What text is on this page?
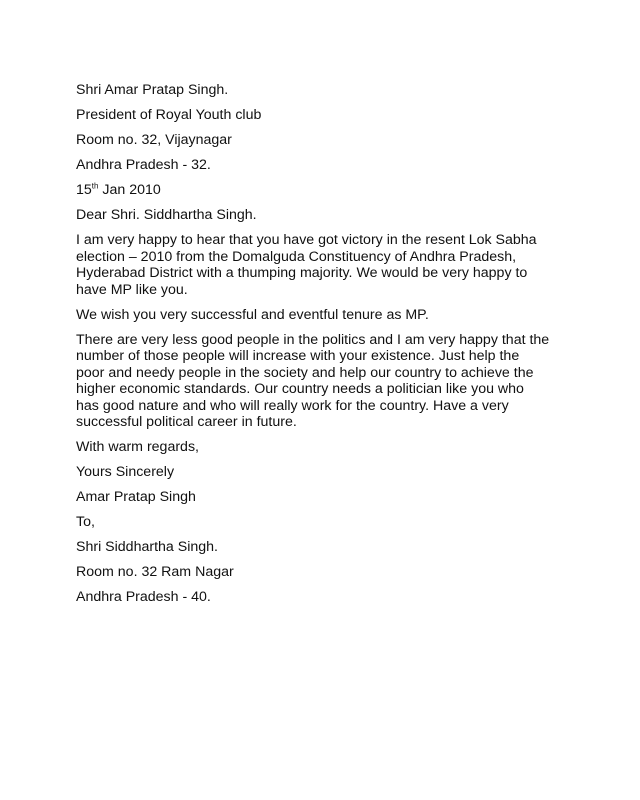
Shri Amar Pratap Singh.
President of Royal Youth club
Room no. 32, Vijaynagar
Andhra Pradesh - 32.
15th Jan 2010
Dear Shri. Siddhartha Singh.
I am very happy to hear that you have got victory in the resent Lok Sabha
election – 2010 from the Domalguda Constituency of Andhra Pradesh,
Hyderabad District with a thumping majority. We would be very happy to
have MP like you.
We wish you very successful and eventful tenure as MP.
There are very less good people in the politics and I am very happy that the
number of those people will increase with your existence. Just help the
poor and needy people in the society and help our country to achieve the
higher economic standards. Our country needs a politician like you who
has good nature and who will really work for the country. Have a very
successful political career in future.
With warm regards,
Yours Sincerely
Amar Pratap Singh
To,
Shri Siddhartha Singh.
Room no. 32 Ram Nagar
Andhra Pradesh - 40.
